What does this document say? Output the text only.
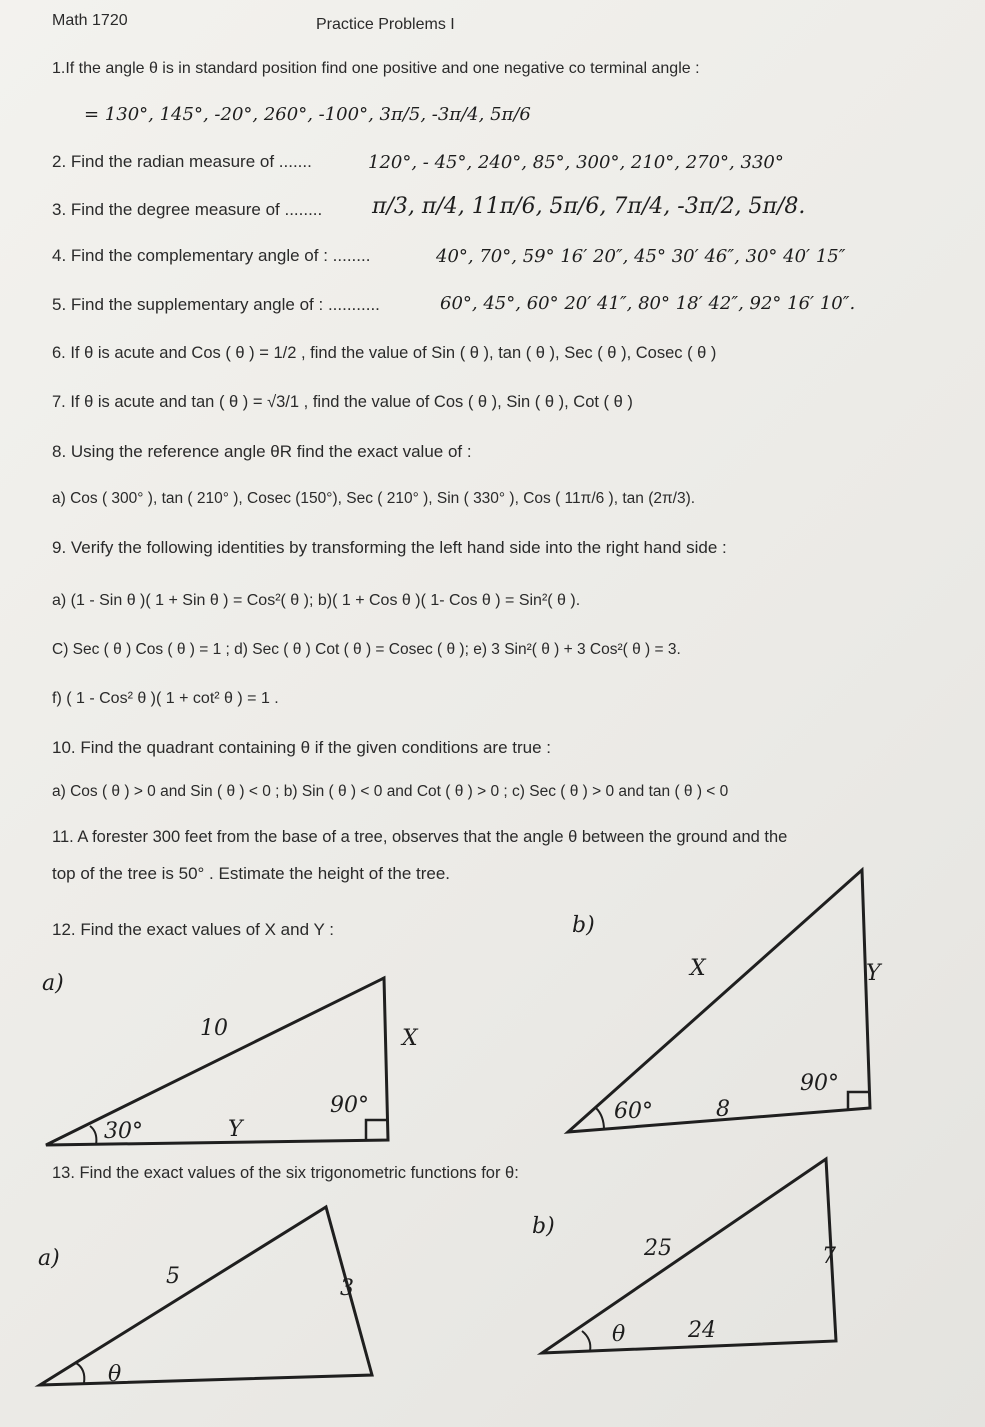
Math 1720	Practice Problems I
1.If the angle θ is in standard position find one positive and one negative co terminal angle :
= 130°, 145°, -20°, 260°, -100°, 3π/5, -3π/4, 5π/6
2. Find the radian measure of .......	120°, - 45°, 240°, 85°, 300°, 210°, 270°, 330°
3. Find the degree measure of ........ π/3, π/4, 11π/6, 5π/6, 7π/4, -3π/2, 5π/8.
4. Find the complementary angle of : ........	40°, 70°, 59° 16′ 20″, 45° 30′ 46″, 30° 40′ 15″
5. Find the supplementary angle of : ...........	60°, 45°, 60° 20′ 41″, 80° 18′ 42″, 92° 16′ 10″.
6. If θ is acute and Cos ( θ ) = 1/2 , find the value of Sin ( θ ), tan ( θ ), Sec ( θ ), Cosec ( θ )
7. If θ is acute and tan ( θ ) = √3/1 , find the value of Cos ( θ ), Sin ( θ ), Cot ( θ )
8. Using the reference angle θR find the exact value of :
a) Cos ( 300° ), tan ( 210° ), Cosec (150°), Sec ( 210° ), Sin ( 330° ), Cos ( 11π/6 ), tan (2π/3).
9. Verify the following identities by transforming the left hand side into the right hand side :
a) (1 - Sin θ )( 1 + Sin θ ) = Cos²( θ ); b)( 1 + Cos θ )( 1- Cos θ ) = Sin²( θ ).
C) Sec ( θ ) Cos ( θ ) = 1 ; d) Sec ( θ ) Cot ( θ ) = Cosec ( θ ); e) 3 Sin²( θ ) + 3 Cos²( θ ) = 3.
f) ( 1 - Cos² θ )( 1 + cot² θ ) = 1 .
10. Find the quadrant containing θ if the given conditions are true :
a) Cos ( θ ) > 0 and Sin ( θ ) < 0 ; b) Sin ( θ ) < 0 and Cot ( θ ) > 0 ; c) Sec ( θ ) > 0 and tan ( θ ) < 0
11. A forester 300 feet from the base of a tree, observes that the angle θ between the ground and the
top of the tree is 50° . Estimate the height of the tree.
12. Find the exact values of X and Y :
a)
10	X
Y
30°
90°
b)
X	Y
8
60°
90°
13. Find the exact values of the six trigonometric functions for θ:
a)
5	3
θ
b)
25	7
24
θ
